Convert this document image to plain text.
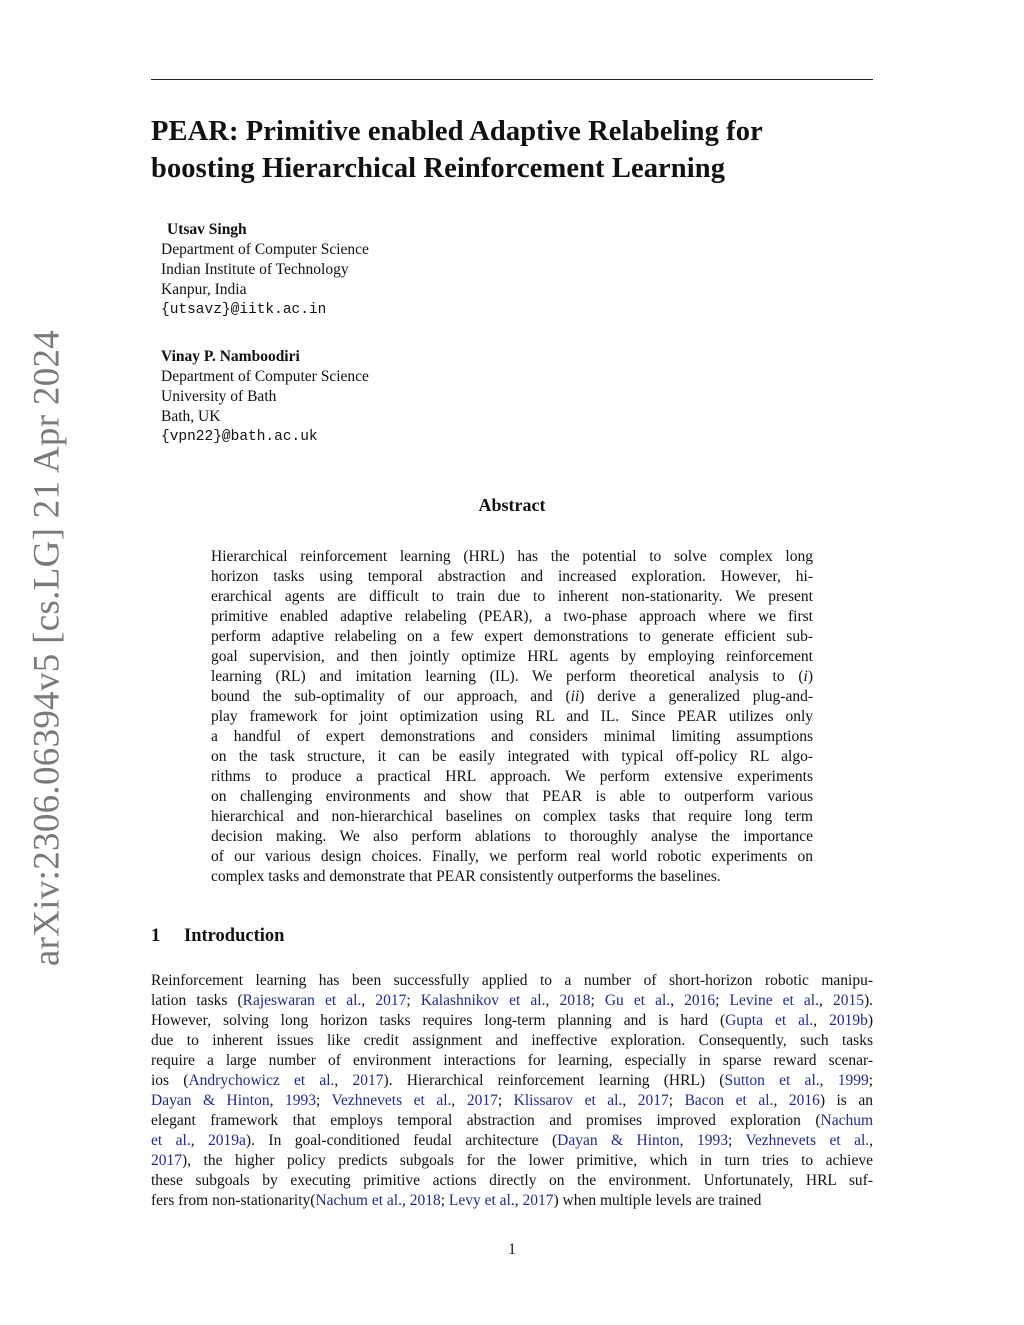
arXiv:2306.06394v5 [cs.LG] 21 Apr 2024
PEAR: Primitive enabled Adaptive Relabeling for
boosting Hierarchical Reinforcement Learning
Utsav Singh
Department of Computer Science
Indian Institute of Technology
Kanpur, India
{utsavz}@iitk.ac.in
Vinay P. Namboodiri
Department of Computer Science
University of Bath
Bath, UK
{vpn22}@bath.ac.uk
Abstract
Hierarchical reinforcement learning (HRL) has the potential to solve complex long
horizon tasks using temporal abstraction and increased exploration. However, hi-
erarchical agents are difficult to train due to inherent non-stationarity. We present
primitive enabled adaptive relabeling (PEAR), a two-phase approach where we first
perform adaptive relabeling on a few expert demonstrations to generate efficient sub-
goal supervision, and then jointly optimize HRL agents by employing reinforcement
learning (RL) and imitation learning (IL). We perform theoretical analysis to (i)
bound the sub-optimality of our approach, and (ii) derive a generalized plug-and-
play framework for joint optimization using RL and IL. Since PEAR utilizes only
a handful of expert demonstrations and considers minimal limiting assumptions
on the task structure, it can be easily integrated with typical off-policy RL algo-
rithms to produce a practical HRL approach. We perform extensive experiments
on challenging environments and show that PEAR is able to outperform various
hierarchical and non-hierarchical baselines on complex tasks that require long term
decision making. We also perform ablations to thoroughly analyse the importance
of our various design choices. Finally, we perform real world robotic experiments on
complex tasks and demonstrate that PEAR consistently outperforms the baselines.
1 Introduction
Reinforcement learning has been successfully applied to a number of short-horizon robotic manipu-
lation tasks (Rajeswaran et al., 2017; Kalashnikov et al., 2018; Gu et al., 2016; Levine et al., 2015).
However, solving long horizon tasks requires long-term planning and is hard (Gupta et al., 2019b)
due to inherent issues like credit assignment and ineffective exploration. Consequently, such tasks
require a large number of environment interactions for learning, especially in sparse reward scenar-
ios (Andrychowicz et al., 2017). Hierarchical reinforcement learning (HRL) (Sutton et al., 1999;
Dayan & Hinton, 1993; Vezhnevets et al., 2017; Klissarov et al., 2017; Bacon et al., 2016) is an
elegant framework that employs temporal abstraction and promises improved exploration (Nachum
et al., 2019a). In goal-conditioned feudal architecture (Dayan & Hinton, 1993; Vezhnevets et al.,
2017), the higher policy predicts subgoals for the lower primitive, which in turn tries to achieve
these subgoals by executing primitive actions directly on the environment. Unfortunately, HRL suf-
fers from non-stationarity(Nachum et al., 2018; Levy et al., 2017) when multiple levels are trained
1
